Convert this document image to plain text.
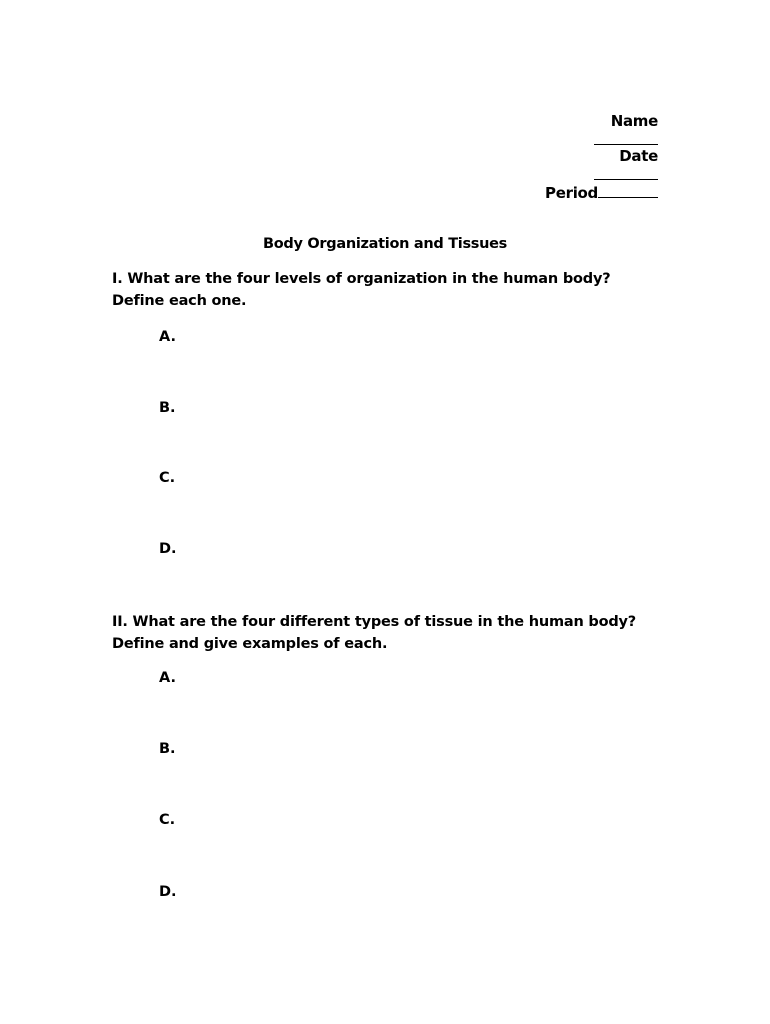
Name

Date

Period

Body Organization and Tissues
I. What are the four levels of organization in the human body? Define each one.
A.
B.
C.
D.
II. What are the four different types of tissue in the human body? Define and give examples of each.
A.
B.
C.
D.
